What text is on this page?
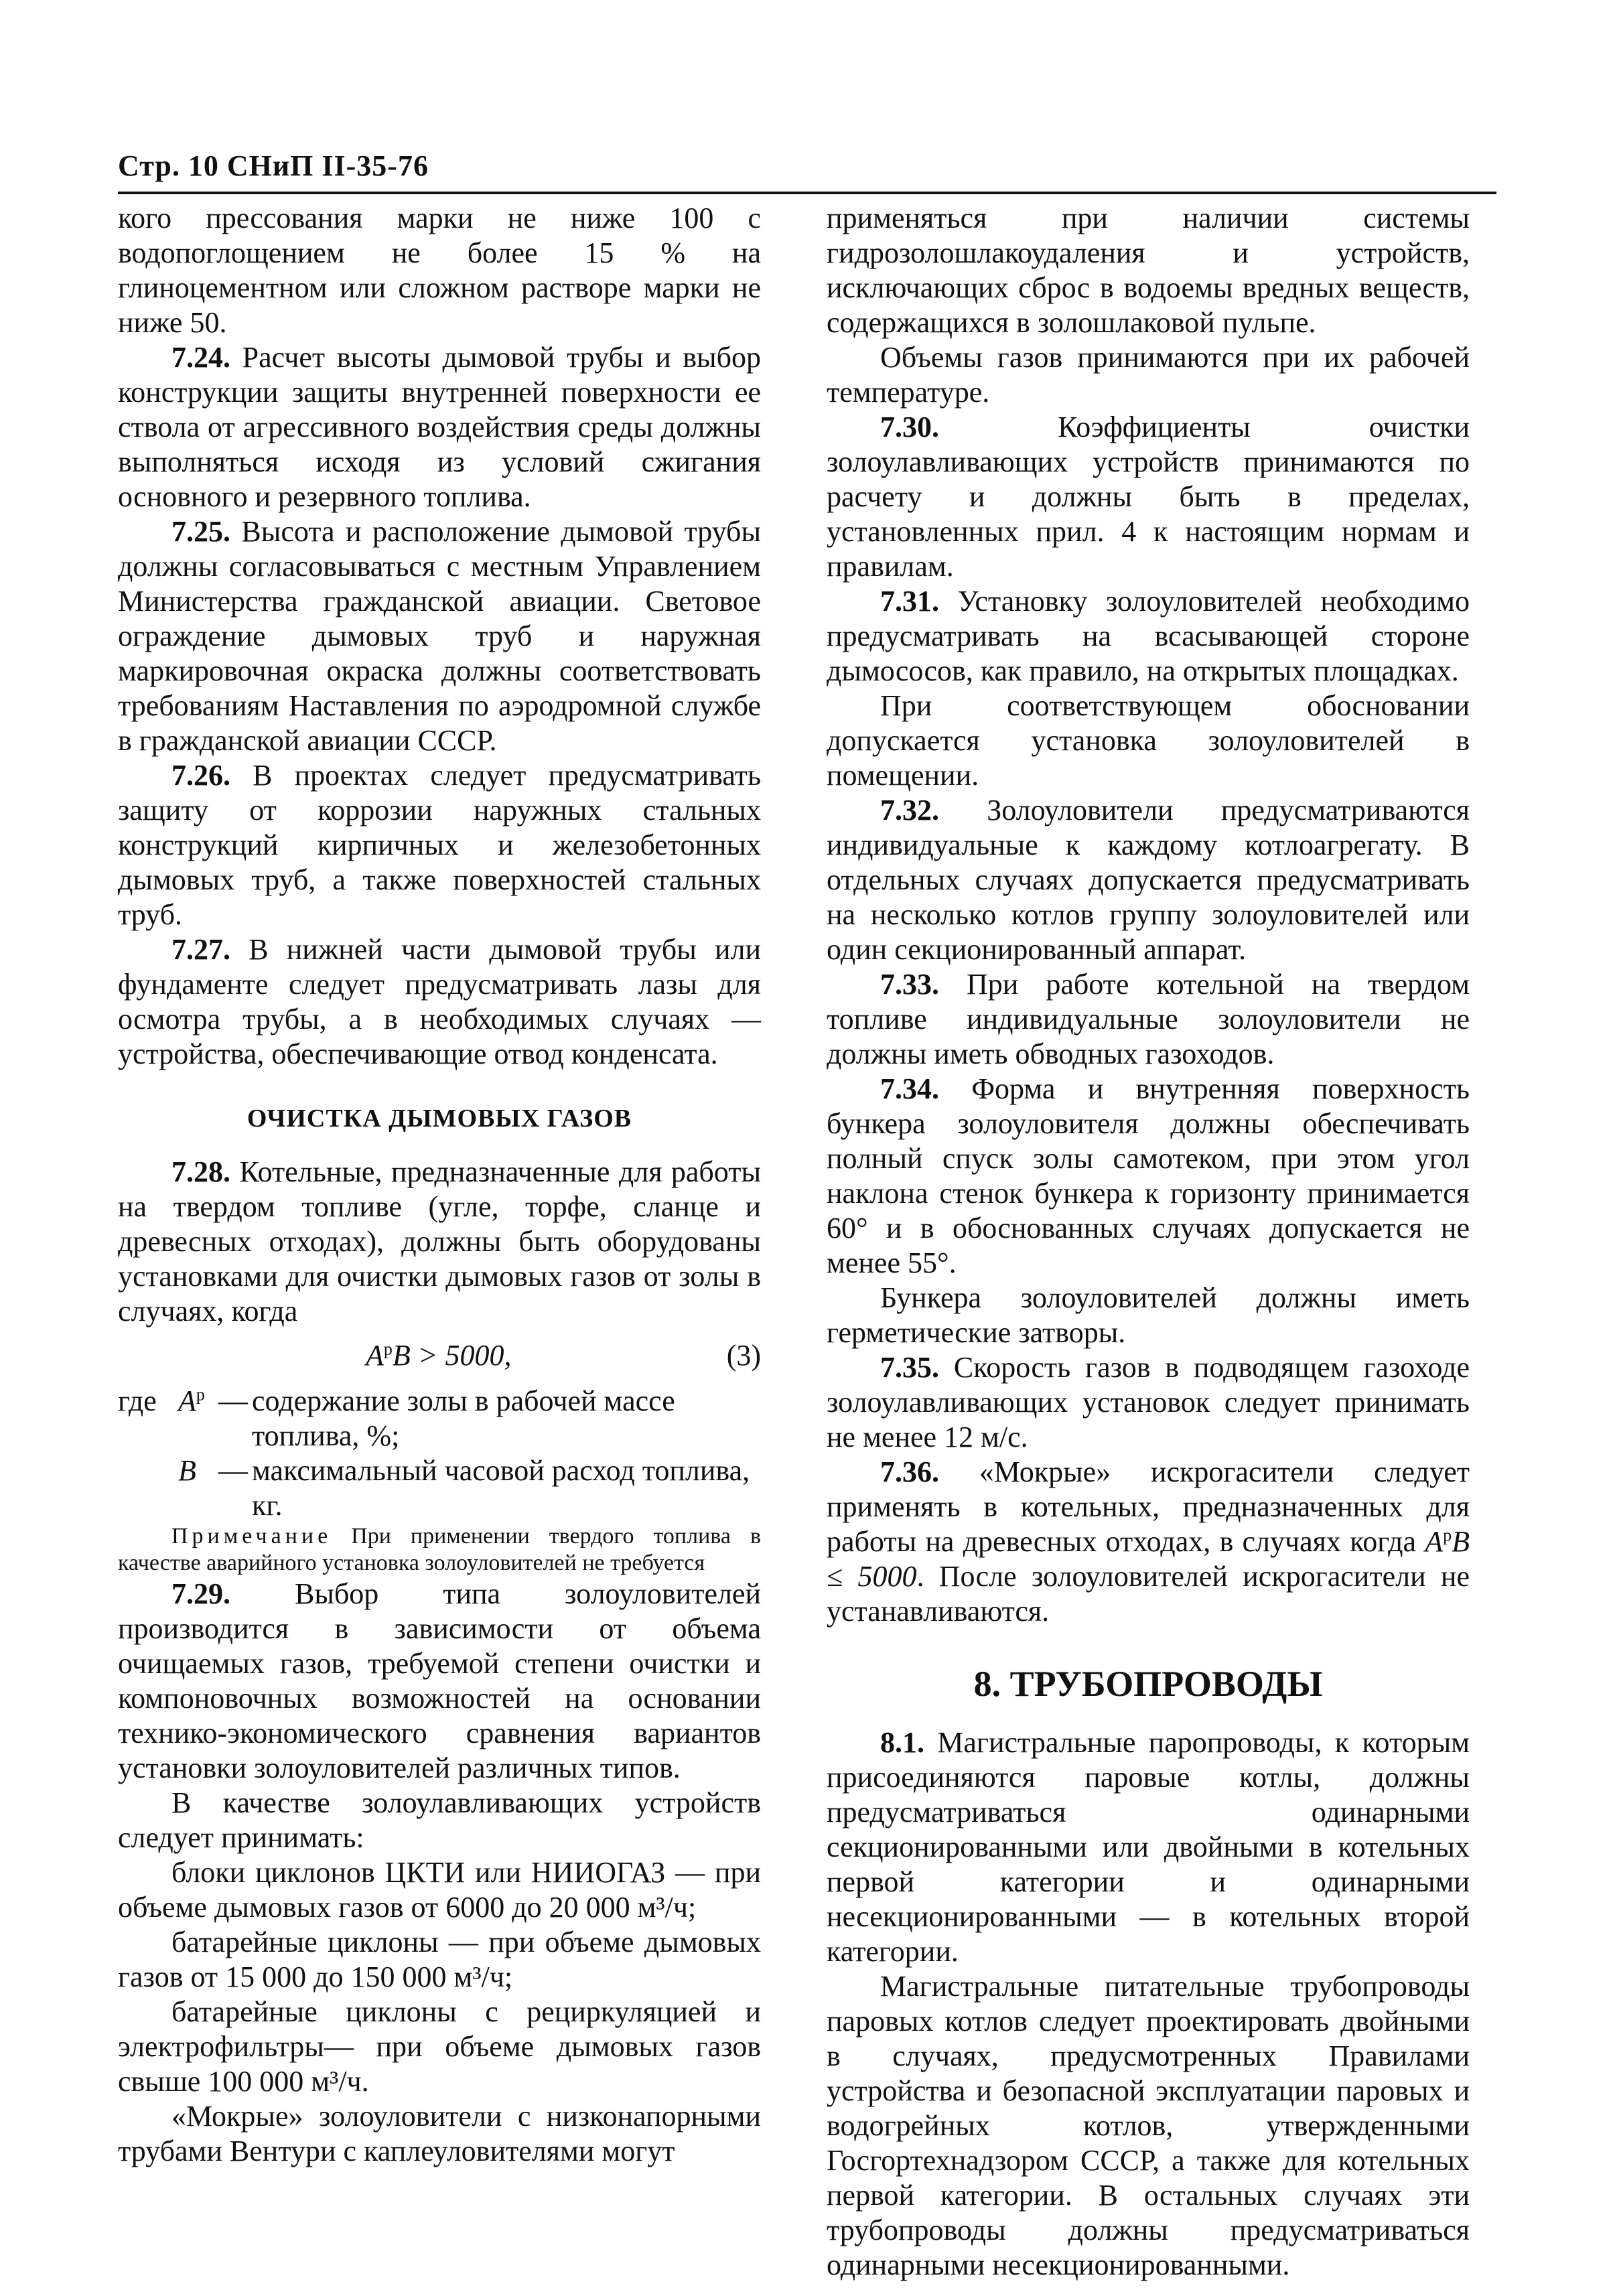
Стр. 10 СНиП II-35-76

кого прессования марки не ниже 100 с водопоглощением не более 15 % на глиноцементном или сложном растворе марки не ниже 50.

7.24. Расчет высоты дымовой трубы и выбор конструкции защиты внутренней поверхности ее ствола от агрессивного воздействия среды должны выполняться исходя из условий сжигания основного и резервного топлива.

7.25. Высота и расположение дымовой трубы должны согласовываться с местным Управлением Министерства гражданской авиации. Световое ограждение дымовых труб и наружная маркировочная окраска должны соответствовать требованиям Наставления по аэродромной службе в гражданской авиации СССР.

7.26. В проектах следует предусматривать защиту от коррозии наружных стальных конструкций кирпичных и железобетонных дымовых труб, а также поверхностей стальных труб.

7.27. В нижней части дымовой трубы или фундаменте следует предусматривать лазы для осмотра трубы, а в необходимых случаях — устройства, обеспечивающие отвод конденсата.

ОЧИСТКА ДЫМОВЫХ ГАЗОВ

7.28. Котельные, предназначенные для работы на твердом топливе (угле, торфе, сланце и древесных отходах), должны быть оборудованы установками для очистки дымовых газов от золы в случаях, когда

$A^рB > 5000$,	(3)
где $A^р$ — содержание золы в рабочей массе топлива, %;
B — максимальный часовой расход топлива, кг.

Примечание При применении твердого топлива в качестве аварийного установка золоуловителей не требуется

7.29. Выбор типа золоуловителей производится в зависимости от объема очищаемых газов, требуемой степени очистки и компоновочных возможностей на основании технико-экономического сравнения вариантов установки золоуловителей различных типов.

В качестве золоулавливающих устройств следует принимать:

блоки циклонов ЦКТИ или НИИОГАЗ — при объеме дымовых газов от 6000 до 20 000 м³/ч;

батарейные циклоны — при объеме дымовых газов от 15 000 до 150 000 м³/ч;

батарейные циклоны с рециркуляцией и электрофильтры— при объеме дымовых газов свыше 100 000 м³/ч.

«Мокрые» золоуловители с низконапорными трубами Вентури с каплеуловителями могут

применяться при наличии системы гидрозолошлакоудаления и устройств, исключающих сброс в водоемы вредных веществ, содержащихся в золошлаковой пульпе.

Объемы газов принимаются при их рабочей температуре.

7.30.	Коэффициенты очистки золоулавливающих устройств принимаются по расчету и должны быть в пределах, установленных прил. 4 к настоящим нормам и правилам.

7.31. Установку золоуловителей необходимо предусматривать на всасывающей стороне дымососов, как правило, на открытых площадках.

При соответствующем обосновании допускается установка золоуловителей в помещении.

7.32. Золоуловители предусматриваются индивидуальные к каждому котлоагрегату. В отдельных случаях допускается предусматривать на несколько котлов группу золоуловителей или один секционированный аппарат.

7.33. При работе котельной на твердом топливе индивидуальные золоуловители не должны иметь обводных газоходов.

7.34. Форма и внутренняя поверхность бункера золоуловителя должны обеспечивать полный спуск золы самотеком, при этом угол наклона стенок бункера к горизонту принимается 60° и в обоснованных случаях допускается не менее 55°.

Бункера золоуловителей должны иметь герметические затворы.

7.35. Скорость газов в подводящем газоходе золоулавливающих установок следует принимать не менее 12 м/с.

7.36. «Мокрые» искрогасители следует применять в котельных, предназначенных для работы на древесных отходах, в случаях когда $A^рB \le 5000$. После золоуловителей искрогасители не устанавливаются.

8. ТРУБОПРОВОДЫ

8.1. Магистральные паропроводы, к которым присоединяются паровые котлы, должны предусматриваться одинарными секционированными или двойными в котельных первой категории и одинарными несекционированными — в котельных второй категории.

Магистральные питательные трубопроводы паровых котлов следует проектировать двойными в случаях, предусмотренных Правилами устройства и безопасной эксплуатации паровых и водогрейных котлов, утвержденными Госгортехнадзором СССР, а также для котельных первой категории. В остальных случаях эти трубопроводы должны предусматриваться одинарными несекционированными.
